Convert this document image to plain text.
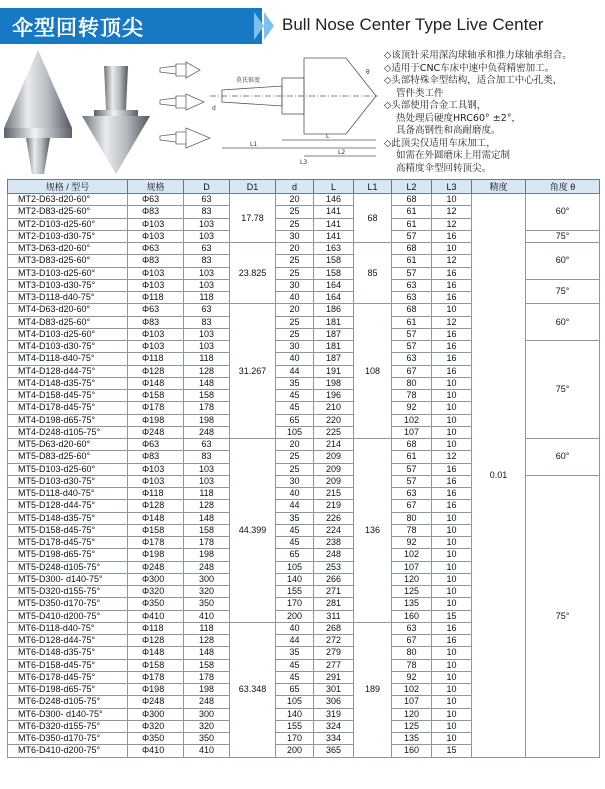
伞型回转顶尖	Bull Nose Center Type Live Center
莫氏锥度
L1
L
L2
L3
d
θ

◇该顶针采用深沟球轴承和推力球轴承组合。

◇适用于CNC车床中速中负荷精密加工。

◇头部特殊伞型结构，适合加工中心孔类，
管件类工件

◇头部使用合金工具钢，
热处理后硬度HRC60° ±2°，
具备高钢性和高耐磨度。

◇此顶尖仅适用车床加工，
如需在外圆磨床上用需定制
高精度伞型回转顶尖。

规格 / 型号	规格	D	D1	d	L	L1	L2	L3	精度	角度 θ
MT2-D63-d20-60°	Φ63	63	17.78	20	146	68	68	10	0.01	60°
MT2-D83-d25-60°	Φ83	83		25	141		61	12		
MT2-D103-d25-60°	Φ103	103		25	141		61	12		
MT2-D103-d30-75°	Φ103	103		30	141		57	16		75°
MT3-D63-d20-60°	Φ63	63	23.825	20	163	85	68	10		60°
MT3-D83-d25-60°	Φ83	83		25	158		61	12		
MT3-D103-d25-60°	Φ103	103		25	158		57	16		
MT3-D103-d30-75°	Φ103	103		30	164		63	16		75°
MT3-D118-d40-75°	Φ118	118		40	164		63	16		
MT4-D63-d20-60°	Φ63	63	31.267	20	186	108	68	10		60°
MT4-D83-d25-60°	Φ83	83		25	181		61	12		
MT4-D103-d25-60°	Φ103	103		25	187		57	16		
MT4-D103-d30-75°	Φ103	103		30	181		57	16		75°
MT4-D118-d40-75°	Φ118	118		40	187		63	16		
MT4-D128-d44-75°	Φ128	128		44	191		67	16		
MT4-D148-d35-75°	Φ148	148		35	198		80	10		
MT4-D158-d45-75°	Φ158	158		45	196		78	10		
MT4-D178-d45-75°	Φ178	178		45	210		92	10		
MT4-D198-d65-75°	Φ198	198		65	220		102	10		
MT4-D248-d105-75°	Φ248	248		105	225		107	10		
MT5-D63-d20-60°	Φ63	63	44.399	20	214	136	68	10		60°
MT5-D83-d25-60°	Φ83	83		25	209		61	12		
MT5-D103-d25-60°	Φ103	103		25	209		57	16		
MT5-D103-d30-75°	Φ103	103		30	209		57	16		75°
MT5-D118-d40-75°	Φ118	118		40	215		63	16		
MT5-D128-d44-75°	Φ128	128		44	219		67	16		
MT5-D148-d35-75°	Φ148	148		35	226		80	10		
MT5-D158-d45-75°	Φ158	158		45	224		78	10		
MT5-D178-d45-75°	Φ178	178		45	238		92	10		
MT5-D198-d65-75°	Φ198	198		65	248		102	10		
MT5-D248-d105-75°	Φ248	248		105	253		107	10		
MT5-D300- d140-75°	Φ300	300		140	266		120	10		
MT5-D320-d155-75°	Φ320	320		155	271		125	10		
MT5-D350-d170-75°	Φ350	350		170	281		135	10		
MT5-D410-d200-75°	Φ410	410		200	311		160	15		
MT6-D118-d40-75°	Φ118	118	63.348	40	268	189	63	16		
MT6-D128-d44-75°	Φ128	128		44	272		67	16		
MT6-D148-d35-75°	Φ148	148		35	279		80	10		
MT6-D158-d45-75°	Φ158	158		45	277		78	10		
MT6-D178-d45-75°	Φ178	178		45	291		92	10		
MT6-D198-d65-75°	Φ198	198		65	301		102	10		
MT6-D248-d105-75°	Φ248	248		105	306		107	10		
MT6-D300- d140-75°	Φ300	300		140	319		120	10		
MT6-D320-d155-75°	Φ320	320		155	324		125	10		
MT6-D350-d170-75°	Φ350	350		170	334		135	10		
MT6-D410-d200-75°	Φ410	410		200	365		160	15		
